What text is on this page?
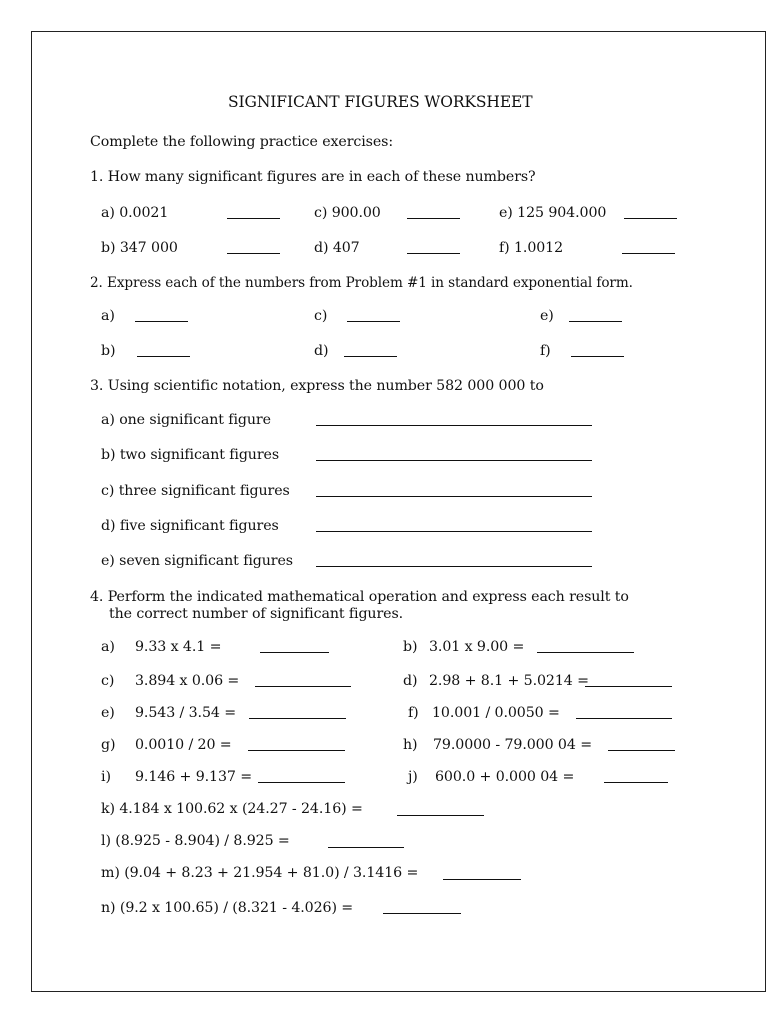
SIGNIFICANT FIGURES WORKSHEET
Complete the following practice exercises:
1. How many significant figures are in each of these numbers?
a) 0.0021	c) 900.00	e) 125 904.000
b) 347 000	d) 407	f) 1.0012
2. Express each of the numbers from Problem #1 in standard exponential form.
a)	c)	e)
b)	d)	f)
3. Using scientific notation, express the number 582 000 000 to
a) one significant figure
b) two significant figures
c) three significant figures
d) five significant figures
e) seven significant figures
4. Perform the indicated mathematical operation and express each result to
the correct number of significant figures.
a) 9.33 x 4.1 =	b) 3.01 x 9.00 =
c) 3.894 x 0.06 =	d) 2.98 + 8.1 + 5.0214 =
e) 9.543 / 3.54 =	f) 10.001 / 0.0050 =
g) 0.0010 / 20 =	h) 79.0000 - 79.000 04 =
i) 9.146 + 9.137 =	j) 600.0 + 0.000 04 =
k) 4.184 x 100.62 x (24.27 - 24.16) =
l) (8.925 - 8.904) / 8.925 =
m) (9.04 + 8.23 + 21.954 + 81.0) / 3.1416 =
n) (9.2 x 100.65) / (8.321 - 4.026) =
